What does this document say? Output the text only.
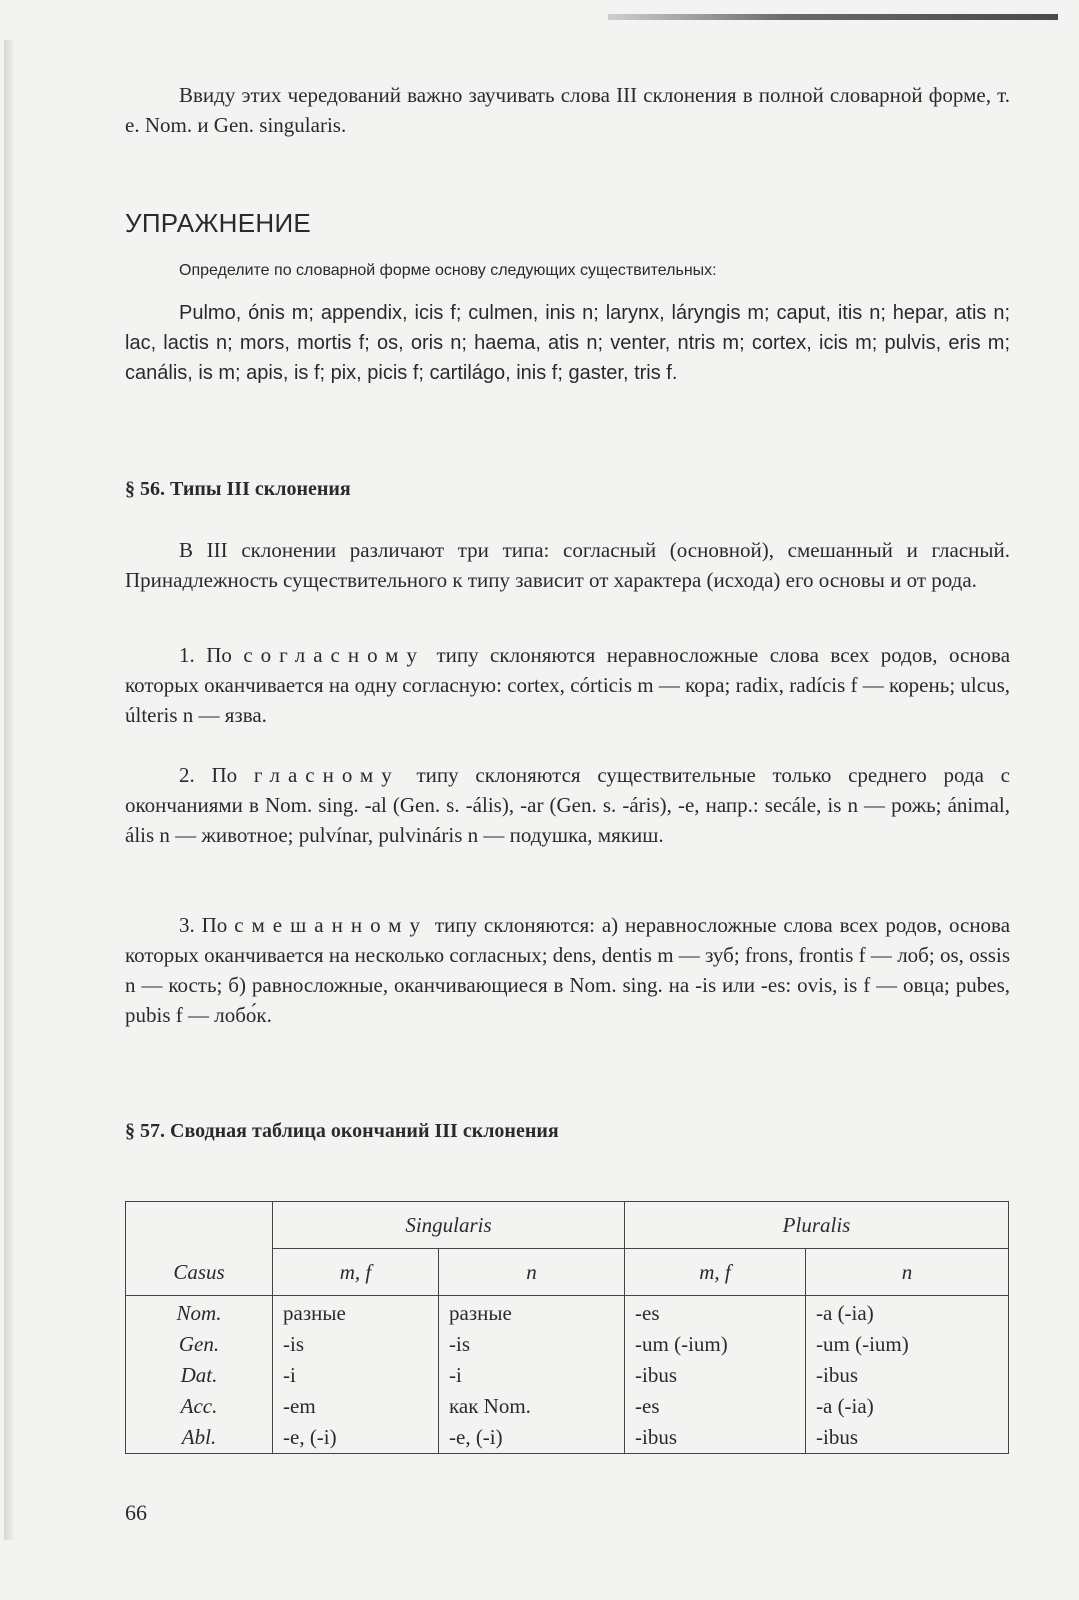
Ввиду этих чередований важно заучивать слова III склонения в полной словарной форме, т. е. Nom. и Gen. singularis.

УПРАЖНЕНИЕ
Определите по словарной форме основу следующих существительных:

Pulmo, ónis m; appendix, icis f; culmen, inis n; larynx, láryngis m; caput, itis n; hepar, atis n; lac, lactis n; mors, mortis f; os, oris n; haema, atis n; venter, ntris m; cortex, icis m; pulvis, eris m; canális, is m; apis, is f; pix, picis f; cartilágo, inis f; gaster, tris f.

§ 56. Типы III склонения

В III склонении различают три типа: согласный (основной), смешанный и гласный. Принадлежность существительного к типу зависит от характера (исхода) его основы и от рода.

1. По согласному типу склоняются неравносложные слова всех родов, основа которых оканчивается на одну согласную: cortex, córticis m — кора; radix, radícis f — корень; ulcus, últeris n — язва.

2. По гласному типу склоняются существительные только среднего рода с окончаниями в Nom. sing. -al (Gen. s. -ális), -ar (Gen. s. -áris), -e, напр.: secále, is n — рожь; ánimal, ális n — животное; pulvínar, pulvináris n — подушка, мякиш.

3. По смешанному типу склоняются: а) неравносложные слова всех родов, основа которых оканчивается на несколько согласных; dens, dentis m — зуб; frons, frontis f — лоб; os, ossis n — кость; б) равносложные, оканчивающиеся в Nom. sing. на -is или -es: ovis, is f — овца; pubes, pubis f — лобо́к.

§ 57. Сводная таблица окончаний III склонения
Casus	Singularis		Pluralis	
	m, f	n	m, f	n
Nom.	разные	разные	-es	-a (-ia)
Gen.	-is	-is	-um (-ium)	-um (-ium)
Dat.	-i	-i	-ibus	-ibus
Acc.	-em	как Nom.	-es	-a (-ia)
Abl.	-e, (-i)	-e, (-i)	-ibus	-ibus
66
